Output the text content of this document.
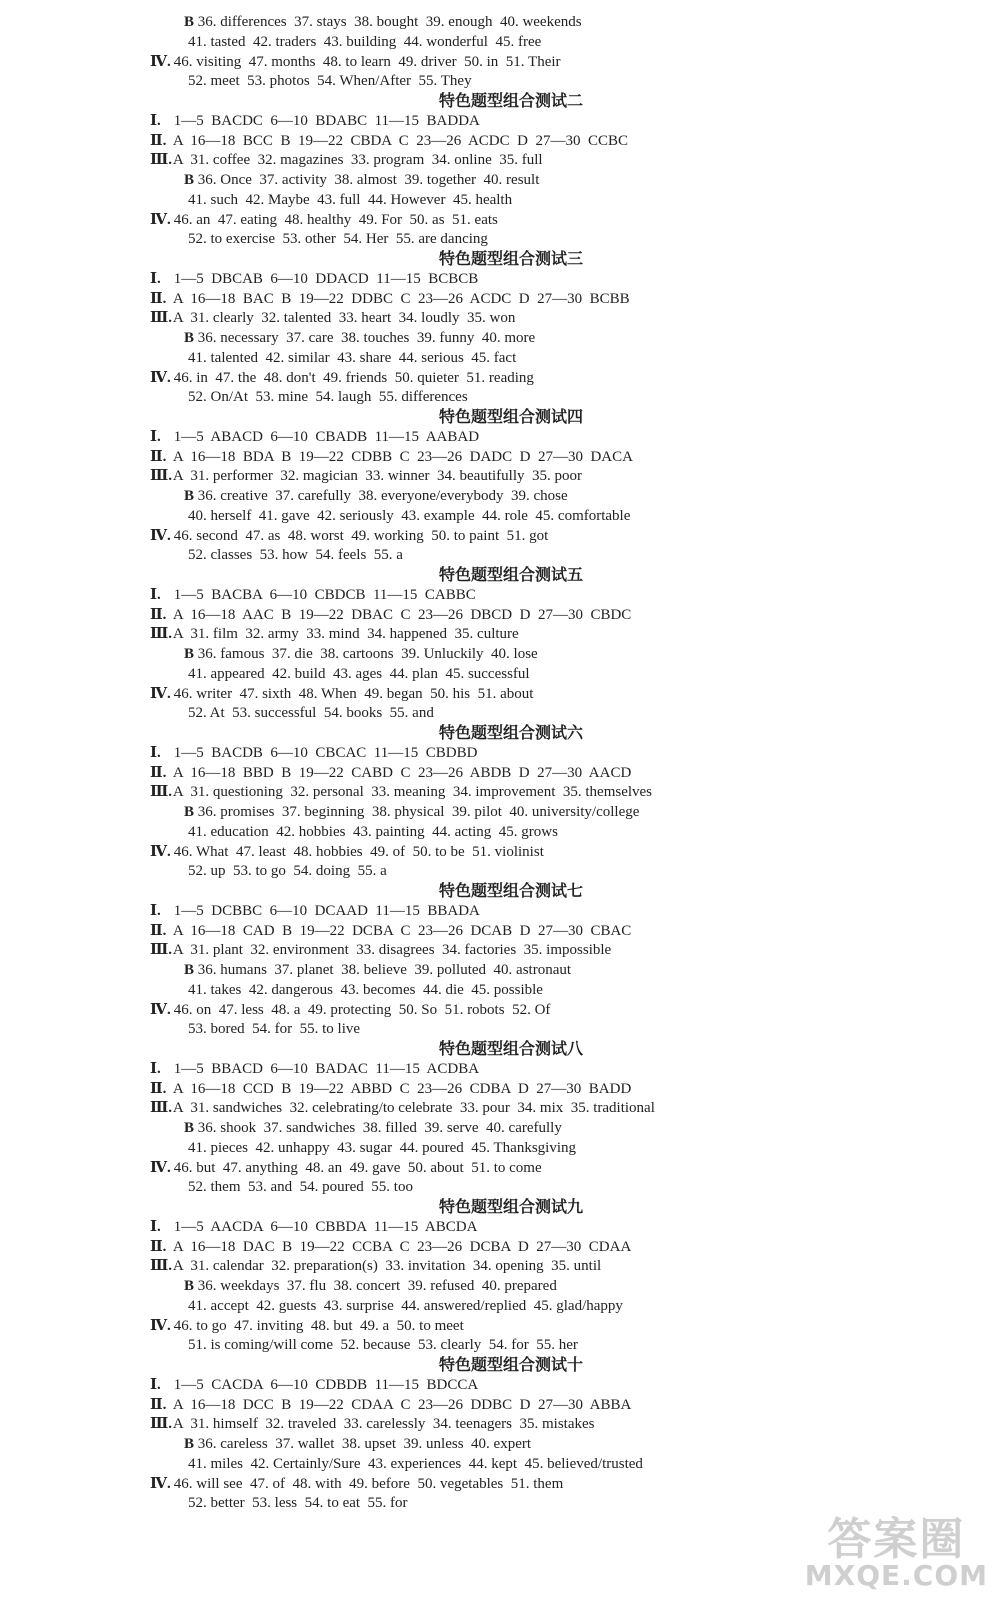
B 36. differences  37. stays  38. bought  39. enough  40. weekends
41. tasted  42. traders  43. building  44. wonderful  45. free
Ⅳ. 46. visiting  47. months  48. to learn  49. driver  50. in  51. Their
52. meet  53. photos  54. When/After  55. They
特色题型组合测试二
Ⅰ. 1—5  BACDC  6—10  BDABC  11—15  BADDA
Ⅱ. A  16—18  BCC  B  19—22  CBDA  C  23—26  ACDC  D  27—30  CCBC
Ⅲ.
A  31. coffee  32. magazines  33. program  34. online  35. full
B 36. Once  37. activity  38. almost  39. together  40. result
41. such  42. Maybe  43. full  44. However  45. health
Ⅳ. 46. an  47. eating  48. healthy  49. For  50. as  51. eats
52. to exercise  53. other  54. Her  55. are dancing
特色题型组合测试三
Ⅰ. 1—5  DBCAB  6—10  DDACD  11—15  BCBCB
Ⅱ. A  16—18  BAC  B  19—22  DDBC  C  23—26  ACDC  D  27—30  BCBB
Ⅲ.
A  31. clearly  32. talented  33. heart  34. loudly  35. won
B 36. necessary  37. care  38. touches  39. funny  40. more
41. talented  42. similar  43. share  44. serious  45. fact
Ⅳ. 46. in  47. the  48. don't  49. friends  50. quieter  51. reading
52. On/At  53. mine  54. laugh  55. differences
特色题型组合测试四
Ⅰ. 1—5  ABACD  6—10  CBADB  11—15  AABAD
Ⅱ. A  16—18  BDA  B  19—22  CDBB  C  23—26  DADC  D  27—30  DACA
Ⅲ.
A  31. performer  32. magician  33. winner  34. beautifully  35. poor
B 36. creative  37. carefully  38. everyone/everybody  39. chose
40. herself  41. gave  42. seriously  43. example  44. role  45. comfortable
Ⅳ. 46. second  47. as  48. worst  49. working  50. to paint  51. got
52. classes  53. how  54. feels  55. a
特色题型组合测试五
Ⅰ. 1—5  BACBA  6—10  CBDCB  11—15  CABBC
Ⅱ. A  16—18  AAC  B  19—22  DBAC  C  23—26  DBCD  D  27—30  CBDC
Ⅲ.
A  31. film  32. army  33. mind  34. happened  35. culture
B 36. famous  37. die  38. cartoons  39. Unluckily  40. lose
41. appeared  42. build  43. ages  44. plan  45. successful
Ⅳ. 46. writer  47. sixth  48. When  49. began  50. his  51. about
52. At  53. successful  54. books  55. and
特色题型组合测试六
Ⅰ. 1—5  BACDB  6—10  CBCAC  11—15  CBDBD
Ⅱ. A  16—18  BBD  B  19—22  CABD  C  23—26  ABDB  D  27—30  AACD
Ⅲ.
A  31. questioning  32. personal  33. meaning  34. improvement  35. themselves
B 36. promises  37. beginning  38. physical  39. pilot  40. university/college
41. education  42. hobbies  43. painting  44. acting  45. grows
Ⅳ. 46. What  47. least  48. hobbies  49. of  50. to be  51. violinist
52. up  53. to go  54. doing  55. a
特色题型组合测试七
Ⅰ. 1—5  DCBBC  6—10  DCAAD  11—15  BBADA
Ⅱ. A  16—18  CAD  B  19—22  DCBA  C  23—26  DCAB  D  27—30  CBAC
Ⅲ.
A  31. plant  32. environment  33. disagrees  34. factories  35. impossible
B 36. humans  37. planet  38. believe  39. polluted  40. astronaut
41. takes  42. dangerous  43. becomes  44. die  45. possible
Ⅳ. 46. on  47. less  48. a  49. protecting  50. So  51. robots  52. Of
53. bored  54. for  55. to live
特色题型组合测试八
Ⅰ. 1—5  BBACD  6—10  BADAC  11—15  ACDBA
Ⅱ. A  16—18  CCD  B  19—22  ABBD  C  23—26  CDBA  D  27—30  BADD
Ⅲ.
A  31. sandwiches  32. celebrating/to celebrate  33. pour  34. mix  35. traditional
B 36. shook  37. sandwiches  38. filled  39. serve  40. carefully
41. pieces  42. unhappy  43. sugar  44. poured  45. Thanksgiving
Ⅳ. 46. but  47. anything  48. an  49. gave  50. about  51. to come
52. them  53. and  54. poured  55. too
特色题型组合测试九
Ⅰ. 1—5  AACDA  6—10  CBBDA  11—15  ABCDA
Ⅱ. A  16—18  DAC  B  19—22  CCBA  C  23—26  DCBA  D  27—30  CDAA
Ⅲ.
A  31. calendar  32. preparation(s)  33. invitation  34. opening  35. until
B 36. weekdays  37. flu  38. concert  39. refused  40. prepared
41. accept  42. guests  43. surprise  44. answered/replied  45. glad/happy
Ⅳ. 46. to go  47. inviting  48. but  49. a  50. to meet
51. is coming/will come  52. because  53. clearly  54. for  55. her
特色题型组合测试十
Ⅰ. 1—5  CACDA  6—10  CDBDB  11—15  BDCCA
Ⅱ. A  16—18  DCC  B  19—22  CDAA  C  23—26  DDBC  D  27—30  ABBA
Ⅲ.
A  31. himself  32. traveled  33. carelessly  34. teenagers  35. mistakes
B 36. careless  37. wallet  38. upset  39. unless  40. expert
41. miles  42. Certainly/Sure  43. experiences  44. kept  45. believed/trusted
Ⅳ. 46. will see  47. of  48. with  49. before  50. vegetables  51. them
52. better  53. less  54. to eat  55. for
答案圈
MXQE.COM
